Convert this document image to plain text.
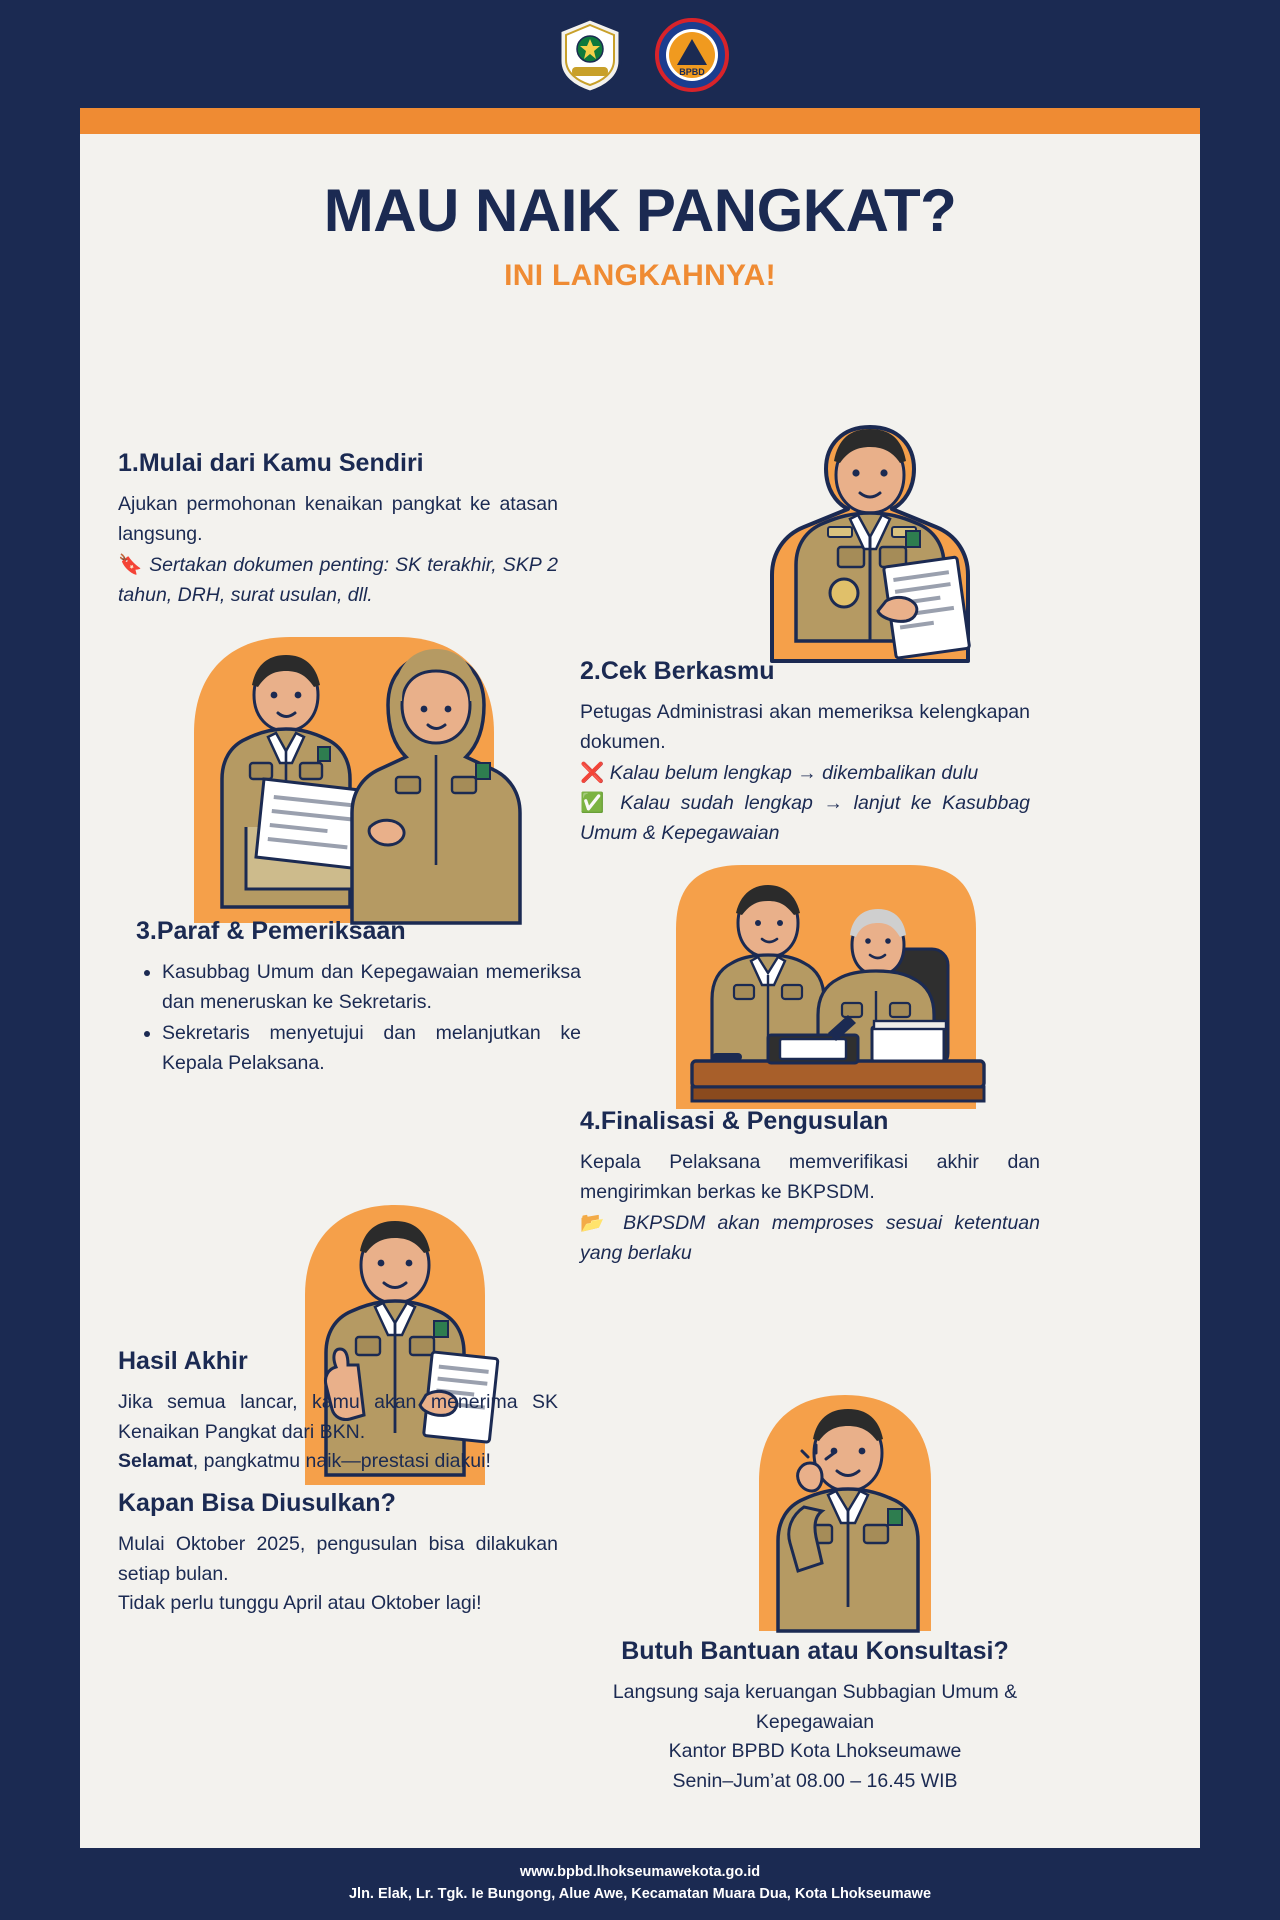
BPBD
MAU NAIK PANGKAT?
INI LANGKAHNYA!
1.Mulai dari Kamu Sendiri

Ajukan permohonan kenaikan pangkat ke atasan langsung.

🔖 Sertakan dokumen penting: SK terakhir, SKP 2 tahun, DRH, surat usulan, dll.

2.Cek Berkasmu

Petugas Administrasi akan memeriksa kelengkapan dokumen.

❌ Kalau belum lengkap → dikembalikan dulu

✅ Kalau sudah lengkap → lanjut ke Kasubbag Umum & Kepegawaian

3.Paraf & Pemeriksaan
• Kasubbag Umum dan Kepegawaian memeriksa dan meneruskan ke Sekretaris.
• Sekretaris menyetujui dan melanjutkan ke Kepala Pelaksana.
4.Finalisasi & Pengusulan

Kepala Pelaksana memverifikasi akhir dan mengirimkan berkas ke BKPSDM.

📂 BKPSDM akan memproses sesuai ketentuan yang berlaku

Hasil Akhir

Jika semua lancar, kamu akan menerima SK Kenaikan Pangkat dari BKN.

Selamat, pangkatmu naik—prestasi diakui!

Kapan Bisa Diusulkan?

Mulai Oktober 2025, pengusulan bisa dilakukan setiap bulan.

Tidak perlu tunggu April atau Oktober lagi!

Butuh Bantuan atau Konsultasi?

Langsung saja keruangan Subbagian Umum & Kepegawaian

Kantor BPBD Kota Lhokseumawe

Senin–Jum’at 08.00 – 16.45 WIB

www.bpbd.lhokseumawekota.go.id
Jln. Elak, Lr. Tgk. Ie Bungong, Alue Awe, Kecamatan Muara Dua, Kota Lhokseumawe
